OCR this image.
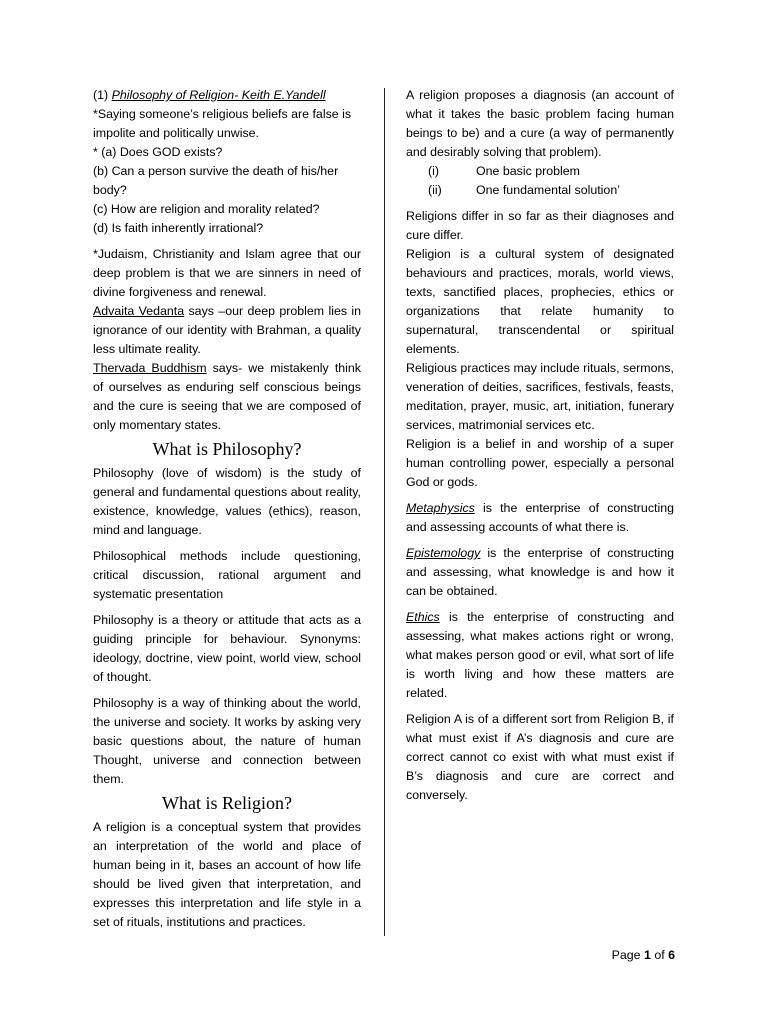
(1) Philosophy of Religion- Keith E.Yandell

*Saying someone’s religious beliefs are false is impolite and politically unwise.

* (a) Does GOD exists?

(b) Can a person survive the death of his/her body?

(c) How are religion and morality related?

(d) Is faith inherently irrational?

*Judaism, Christianity and Islam agree that our deep problem is that we are sinners in need of divine forgiveness and renewal.

Advaita Vedanta says –our deep problem lies in ignorance of our identity with Brahman, a quality less ultimate reality.

Thervada Buddhism says- we mistakenly think of ourselves as enduring self conscious beings and the cure is seeing that we are composed of only momentary states.

What is Philosophy?

Philosophy (love of wisdom) is the study of general and fundamental questions about reality, existence, knowledge, values (ethics), reason, mind and language.

Philosophical methods include questioning, critical discussion, rational argument and systematic presentation

Philosophy is a theory or attitude that acts as a guiding principle for behaviour. Synonyms: ideology, doctrine, view point, world view, school of thought.

Philosophy is a way of thinking about the world, the universe and society. It works by asking very basic questions about, the nature of human Thought, universe and connection between them.

What is Religion?

A religion is a conceptual system that provides an interpretation of the world and place of human being in it, bases an account of how life should be lived given that interpretation, and expresses this interpretation and life style in a set of rituals, institutions and practices.

A religion proposes a diagnosis (an account of what it takes the basic problem facing human beings to be) and a cure (a way of permanently and desirably solving that problem).

(i)	One basic problem
(ii)	One fundamental solution’

Religions differ in so far as their diagnoses and cure differ.

Religion is a cultural system of designated behaviours and practices, morals, world views, texts, sanctified places, prophecies, ethics or organizations that relate humanity to supernatural, transcendental or spiritual elements.

Religious practices may include rituals, sermons, veneration of deities, sacrifices, festivals, feasts, meditation, prayer, music, art, initiation, funerary services, matrimonial services etc.

Religion is a belief in and worship of a super human controlling power, especially a personal God or gods.

Metaphysics is the enterprise of constructing and assessing accounts of what there is.

Epistemology is the enterprise of constructing and assessing, what knowledge is and how it can be obtained.

Ethics is the enterprise of constructing and assessing, what makes actions right or wrong, what makes person good or evil, what sort of life is worth living and how these matters are related.

Religion A is of a different sort from Religion B, if what must exist if A’s diagnosis and cure are correct cannot co exist with what must exist if B’s diagnosis and cure are correct and conversely.

Page 1 of 6
